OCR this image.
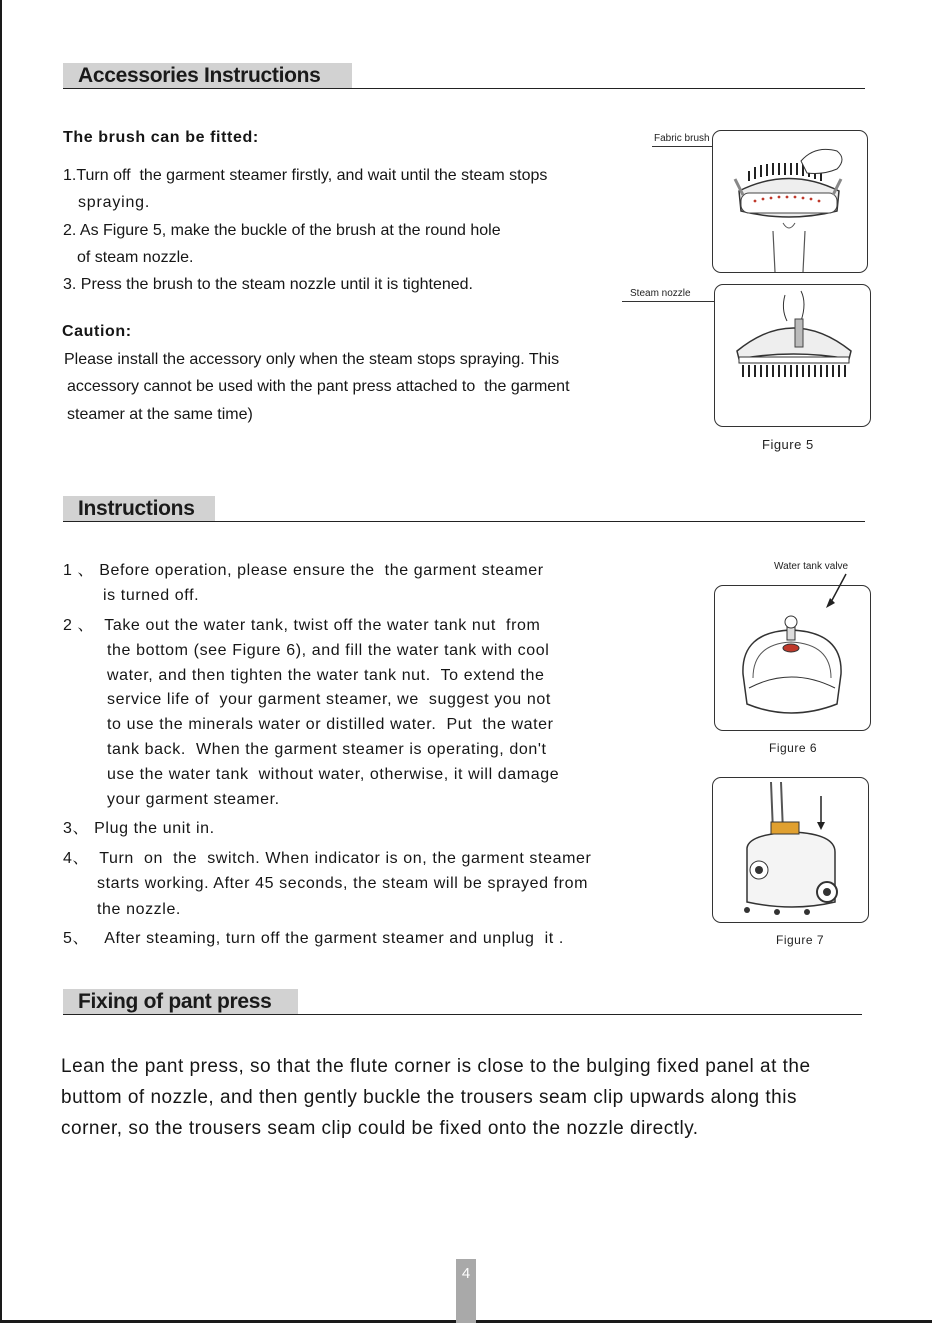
Accessories Instructions
The brush can be fitted:
1.Turn off  the garment steamer firstly, and wait until the steam stops
spraying.
2. As Figure 5, make the buckle of the brush at the round hole
of steam nozzle.
3. Press the brush to the steam nozzle until it is tightened.
Caution:
Please install the accessory only when the steam stops spraying. This
accessory cannot be used with the pant press attached to  the garment
steamer at the same time)
Fabric brush
Steam nozzle
Figure 5
Instructions
1 、 Before operation, please ensure the  the garment steamer
is turned off.
2 、  Take out the water tank, twist off the water tank nut  from
the bottom (see Figure 6), and fill the water tank with cool
water, and then tighten the water tank nut.  To extend the
service life of  your garment steamer, we  suggest you not
to use the minerals water or distilled water.  Put  the water
tank back.  When the garment steamer is operating, don't
use the water tank  without water, otherwise, it will damage
your garment steamer.
3、 Plug the unit in.
4、  Turn  on  the  switch. When indicator is on, the garment steamer
starts working. After 45 seconds, the steam will be sprayed from
the nozzle.
5、   After steaming, turn off the garment steamer and unplug  it .
Water tank valve
Figure 6
Figure 7
Fixing of pant press
Lean the pant press, so that the flute corner is close to the bulging fixed panel at the buttom of nozzle, and then gently buckle the trousers seam clip upwards along this corner, so the trousers seam clip could be fixed onto the nozzle directly.
4
